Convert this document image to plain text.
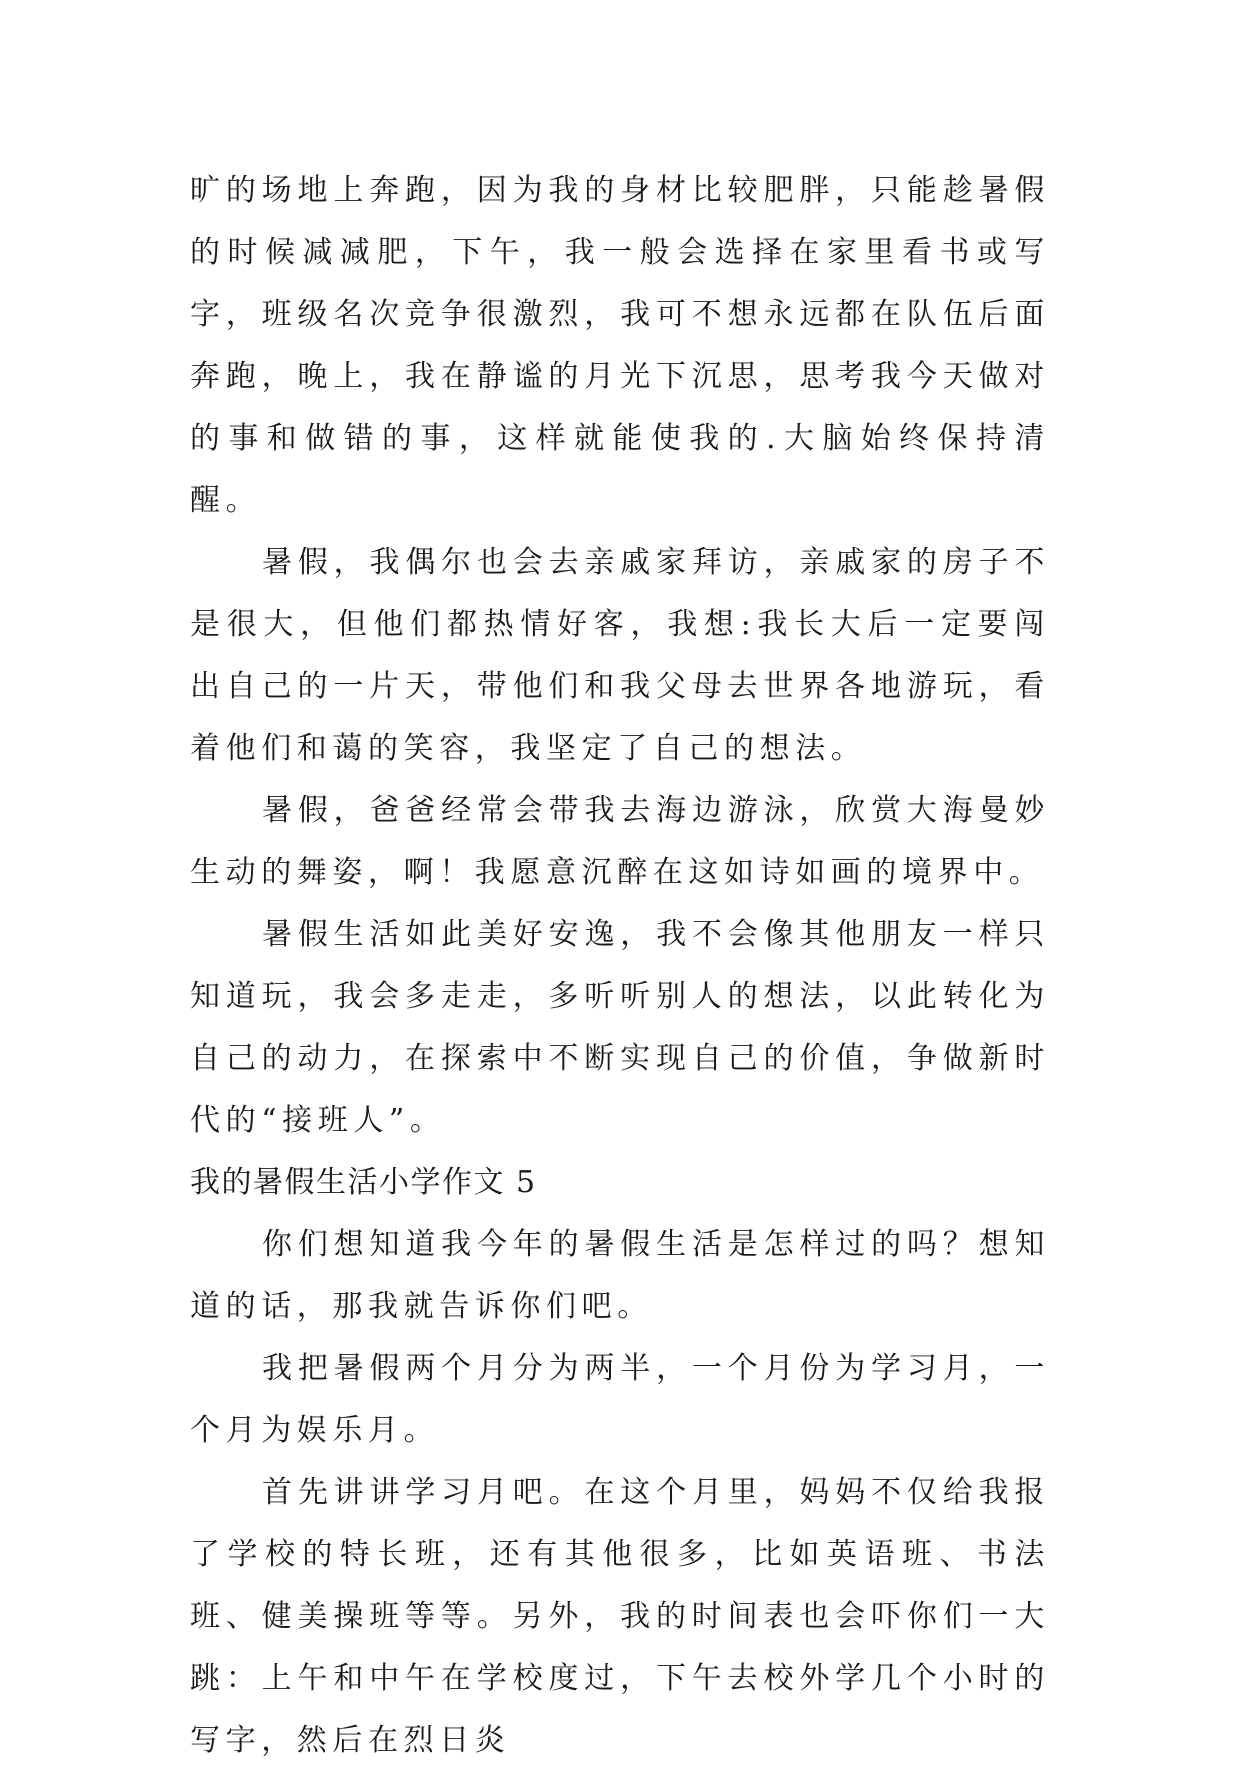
旷的场地上奔跑，因为我的身材比较肥胖，只能趁暑假的时候减减肥，下午，我一般会选择在家里看书或写字，班级名次竞争很激烈，我可不想永远都在队伍后面奔跑，晚上，我在静谧的月光下沉思，思考我今天做对的事和做错的事，这样就能使我的.大脑始终保持清醒。

暑假，我偶尔也会去亲戚家拜访，亲戚家的房子不是很大，但他们都热情好客，我想:我长大后一定要闯出自己的一片天，带他们和我父母去世界各地游玩，看着他们和蔼的笑容，我坚定了自己的想法。

暑假，爸爸经常会带我去海边游泳，欣赏大海曼妙生动的舞姿，啊！我愿意沉醉在这如诗如画的境界中。

暑假生活如此美好安逸，我不会像其他朋友一样只知道玩，我会多走走，多听听别人的想法，以此转化为自己的动力，在探索中不断实现自己的价值，争做新时代的“接班人”。

我的暑假生活小学作文 5

你们想知道我今年的暑假生活是怎样过的吗？想知道的话，那我就告诉你们吧。

我把暑假两个月分为两半，一个月份为学习月，一个月为娱乐月。

首先讲讲学习月吧。在这个月里，妈妈不仅给我报了学校的特长班，还有其他很多，比如英语班、书法班、健美操班等等。另外，我的时间表也会吓你们一大跳：上午和中午在学校度过，下午去校外学几个小时的写字，然后在烈日炎
